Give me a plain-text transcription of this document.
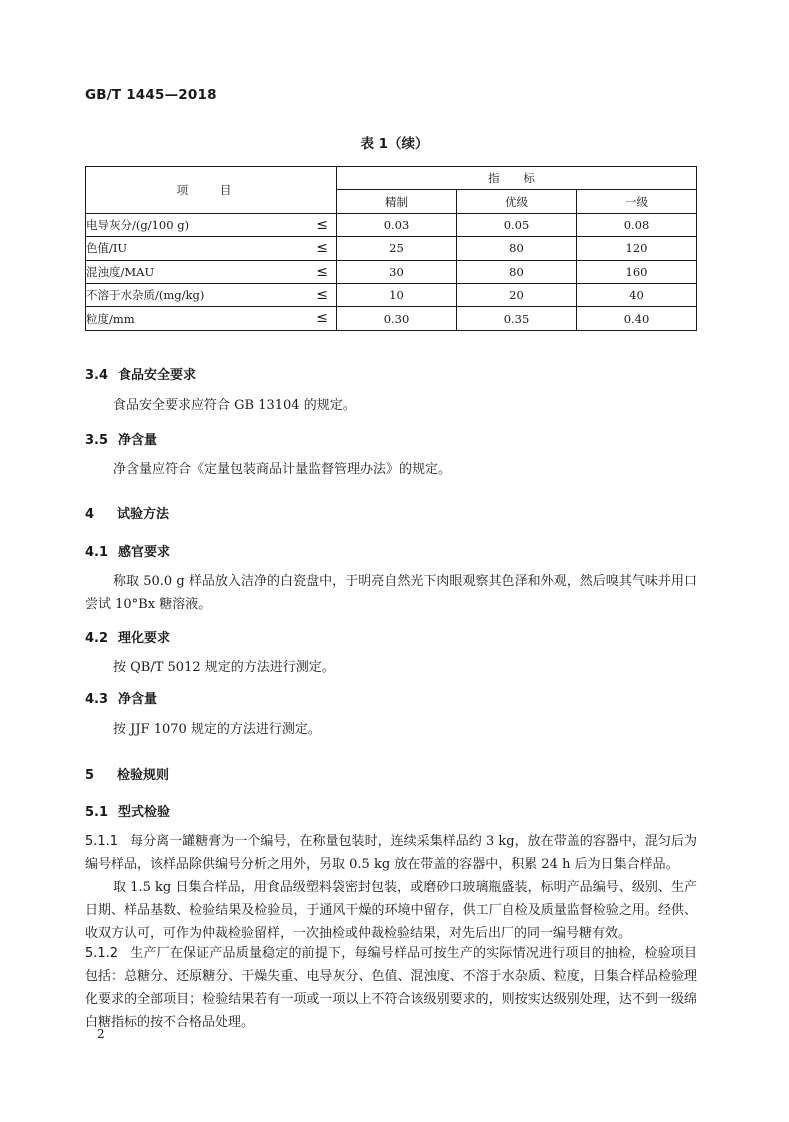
GB/T 1445—2018
表 1（续）
项 目	指 标		
	精制	优级	一级
电导灰分/(g/100 g) ≤	0.03	0.05	0.08
色值/IU ≤	25	80	120
混浊度/MAU ≤	30	80	160
不溶于水杂质/(mg/kg) ≤	10	20	40
粒度/mm ≤	0.30	0.35	0.40
3.4 食品安全要求
食品安全要求应符合 GB 13104 的规定。
3.5 净含量
净含量应符合《定量包装商品计量监督管理办法》的规定。
4 试验方法
4.1 感官要求
称取 50.0 g 样品放入洁净的白瓷盘中，于明亮自然光下肉眼观察其色泽和外观，然后嗅其气味并用口尝试 10°Bx 糖溶液。
4.2 理化要求
按 QB/T 5012 规定的方法进行测定。
4.3 净含量
按 JJF 1070 规定的方法进行测定。
5 检验规则
5.1 型式检验
5.1.1 每分离一罐糖膏为一个编号，在称量包装时，连续采集样品约 3 kg，放在带盖的容器中，混匀后为编号样品，该样品除供编号分析之用外，另取 0.5 kg 放在带盖的容器中，积累 24 h 后为日集合样品。
取 1.5 kg 日集合样品，用食品级塑料袋密封包装，或磨砂口玻璃瓶盛装，标明产品编号、级别、生产日期、样品基数、检验结果及检验员，于通风干燥的环境中留存，供工厂自检及质量监督检验之用。经供、收双方认可，可作为仲裁检验留样，一次抽检或仲裁检验结果，对先后出厂的同一编号糖有效。
5.1.2 生产厂在保证产品质量稳定的前提下，每编号样品可按生产的实际情况进行项目的抽检，检验项目包括：总糖分、还原糖分、干燥失重、电导灰分、色值、混浊度、不溶于水杂质、粒度，日集合样品检验理化要求的全部项目；检验结果若有一项或一项以上不符合该级别要求的，则按实达级别处理，达不到一级绵白糖指标的按不合格品处理。
2
